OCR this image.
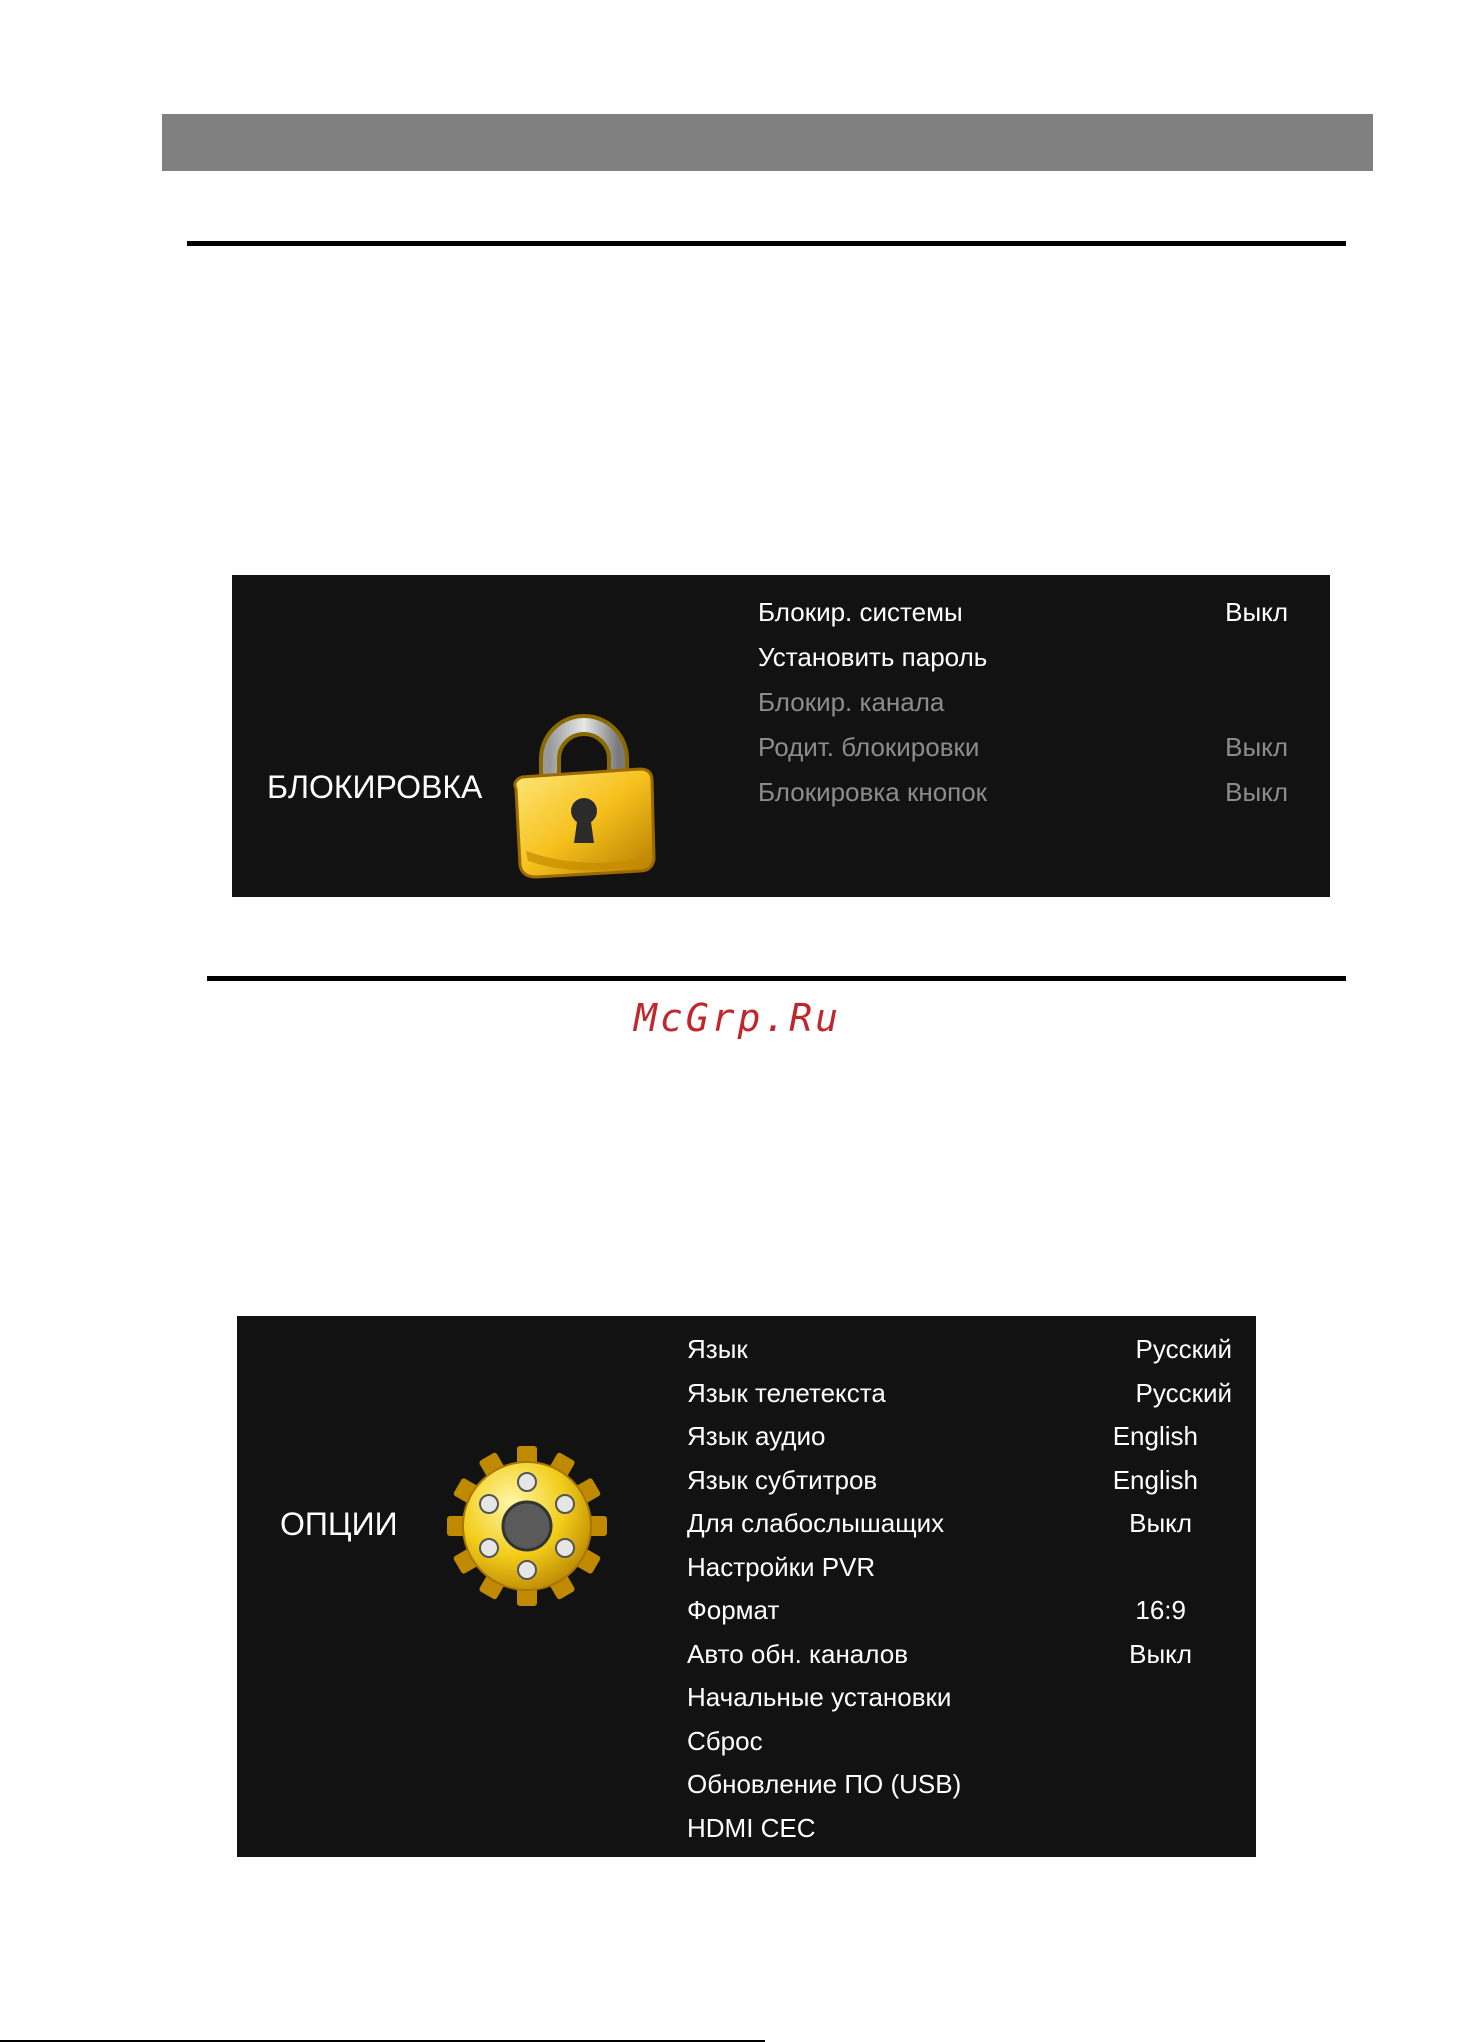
БЛОКИРОВКА
Блокир. системы	Выкл
Установить пароль
Блокир. канала
Родит. блокировки	Выкл
Блокировка кнопок	Выкл
McGrp.Ru
ОПЦИИ
Язык	Русский
Язык телетекста	Русский
Язык аудио	English
Язык субтитров	English
Для слабослышащих	Выкл
Настройки PVR
Формат	16:9
Авто обн. каналов	Выкл
Начальные установки
Сброс
Обновление ПО (USB)
HDMI CEC
